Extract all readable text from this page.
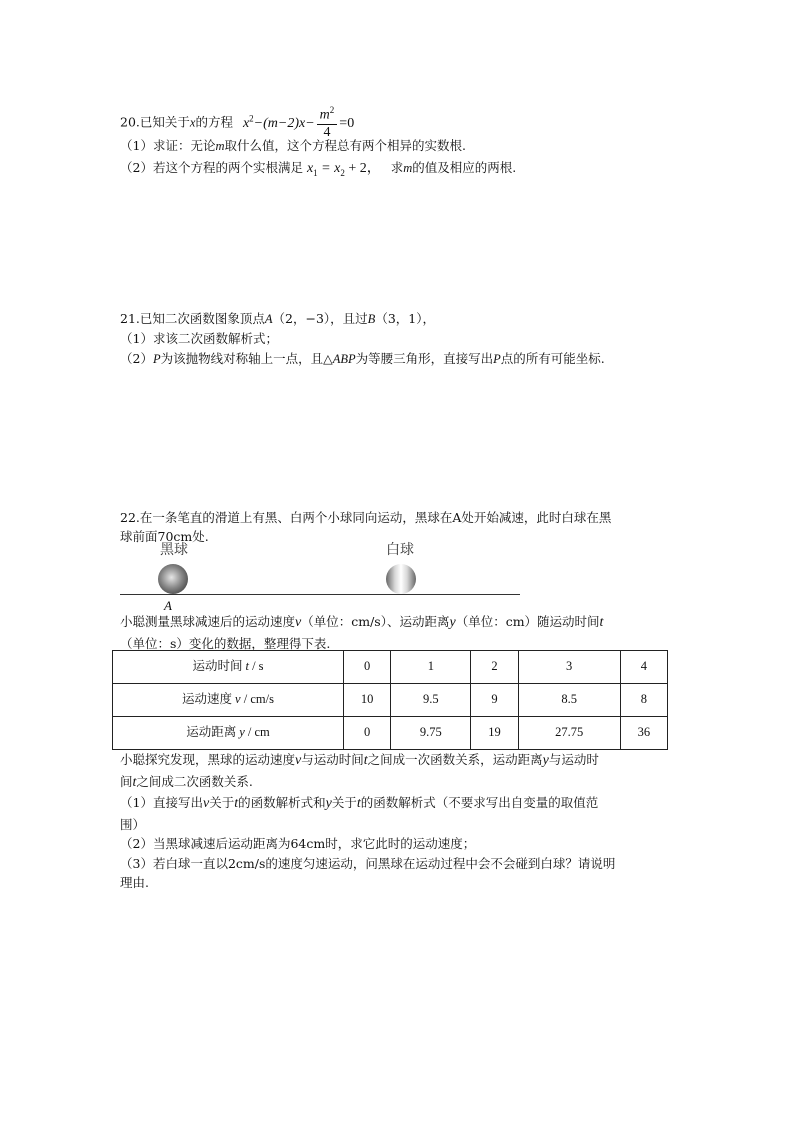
20.已知关于x的方程 $x^2-(m-2)x- \frac{m^2}{4} =0$
（1）求证：无论m取什么值，这个方程总有两个相异的实数根.
（2）若这个方程的两个实根满足 $x_1 = x_2 + 2$， 求m的值及相应的两根.
21.已知二次函数图象顶点A（2，−3），且过B（3，1），
（1）求该二次函数解析式；
（2）P为该抛物线对称轴上一点，且△ABP为等腰三角形，直接写出P点的所有可能坐标.
22.在一条笔直的滑道上有黑、白两个小球同向运动，黑球在A处开始减速，此时白球在黑
球前面70cm处.
黑球	白球
A
小聪测量黑球减速后的运动速度v（单位：cm/s）、运动距离y（单位：cm）随运动时间t
（单位：s）变化的数据，整理得下表.
运动时间 t / s	0	1	2	3	4
运动速度 v / cm/s	10	9.5	9	8.5	8
运动距离 y / cm	0	9.75	19	27.75	36
小聪探究发现，黑球的运动速度v与运动时间t之间成一次函数关系，运动距离y与运动时
间t之间成二次函数关系.
（1）直接写出v关于t的函数解析式和y关于t的函数解析式（不要求写出自变量的取值范
围）
（2）当黑球减速后运动距离为64cm时，求它此时的运动速度；
（3）若白球一直以2cm/s的速度匀速运动，问黑球在运动过程中会不会碰到白球？请说明
理由.
